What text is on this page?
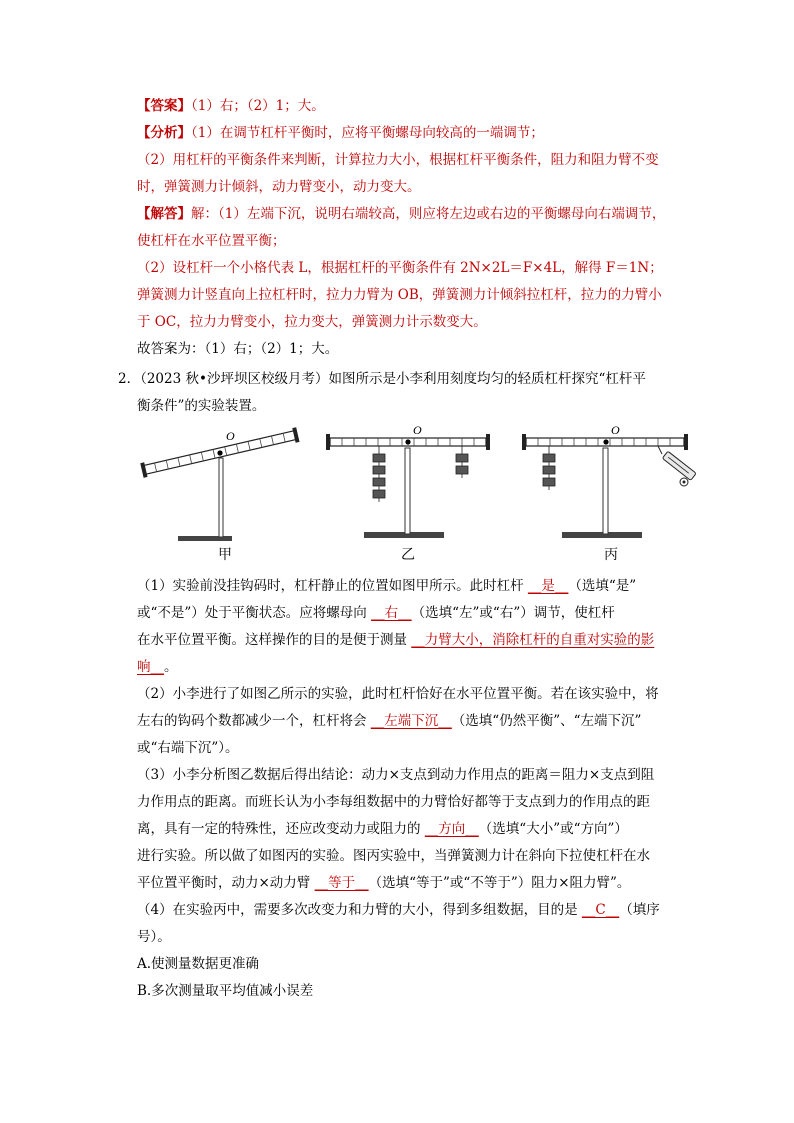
【答案】（1）右；（2）1；大。
【分析】（1）在调节杠杆平衡时，应将平衡螺母向较高的一端调节；
（2）用杠杆的平衡条件来判断，计算拉力大小，根据杠杆平衡条件，阻力和阻力臂不变
时，弹簧测力计倾斜，动力臂变小，动力变大。
【解答】解：（1）左端下沉，说明右端较高，则应将左边或右边的平衡螺母向右端调节，
使杠杆在水平位置平衡；
（2）设杠杆一个小格代表 L，根据杠杆的平衡条件有 2N×2L＝F×4L，解得 F＝1N；
弹簧测力计竖直向上拉杠杆时，拉力力臂为 OB，弹簧测力计倾斜拉杠杆，拉力的力臂小
于 OC，拉力力臂变小，拉力变大，弹簧测力计示数变大。
故答案为：（1）右；（2）1；大。
2．（2023 秋•沙坪坝区校级月考）如图所示是小李利用刻度均匀的轻质杠杆探究“杠杆平
衡条件”的实验装置。
O
甲
O
乙
O
丙
（1）实验前没挂钩码时，杠杆静止的位置如图甲所示。此时杠杆 __是__（选填“是”
或“不是”）处于平衡状态。应将螺母向 __右__（选填“左”或“右”）调节，使杠杆
在水平位置平衡。这样操作的目的是便于测量 __力臂大小，消除杠杆的自重对实验的影
响__。
（2）小李进行了如图乙所示的实验，此时杠杆恰好在水平位置平衡。若在该实验中，将
左右的钩码个数都减少一个，杠杆将会 __左端下沉__（选填“仍然平衡”、“左端下沉”
或“右端下沉”）。
（3）小李分析图乙数据后得出结论：动力×支点到动力作用点的距离＝阻力×支点到阻
力作用点的距离。而班长认为小李每组数据中的力臂恰好都等于支点到力的作用点的距
离，具有一定的特殊性，还应改变动力或阻力的 __方向__（选填“大小”或“方向”）
进行实验。所以做了如图丙的实验。图丙实验中，当弹簧测力计在斜向下拉使杠杆在水
平位置平衡时，动力×动力臂 __等于__（选填“等于”或“不等于”）阻力×阻力臂”。
（4）在实验丙中，需要多次改变力和力臂的大小，得到多组数据，目的是 __C__（填序
号）。
A.使测量数据更准确
B.多次测量取平均值减小误差
